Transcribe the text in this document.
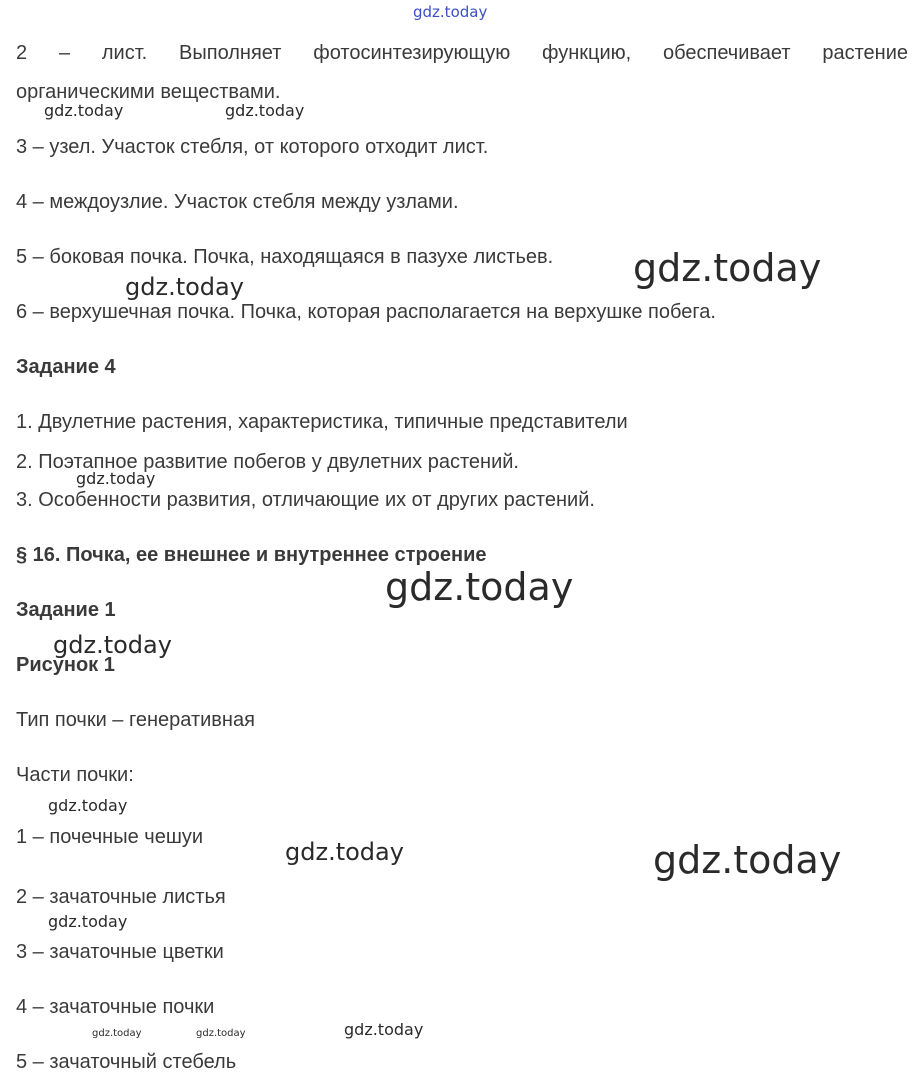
gdz.today
gdz.today	gdz.today
gdz.today
gdz.today
gdz.today
gdz.today
gdz.today
gdz.today
gdz.today	gdz.today
gdz.today
gdz.today	gdz.today	gdz.today
2 – лист. Выполняет фотосинтезирующую функцию, обеспечивает растение
органическими веществами.
3 – узел. Участок стебля, от которого отходит лист.
4 – междоузлие. Участок стебля между узлами.
5 – боковая почка. Почка, находящаяся в пазухе листьев.
6 – верхушечная почка. Почка, которая располагается на верхушке побега.
Задание 4
1. Двулетние растения, характеристика, типичные представители
2. Поэтапное развитие побегов у двулетних растений.
3. Особенности развития, отличающие их от других растений.
§ 16. Почка, ее внешнее и внутреннее строение
Задание 1
Рисунок 1
Тип почки – генеративная
Части почки:
1 – почечные чешуи
2 – зачаточные листья
3 – зачаточные цветки
4 – зачаточные почки
5 – зачаточный стебель
